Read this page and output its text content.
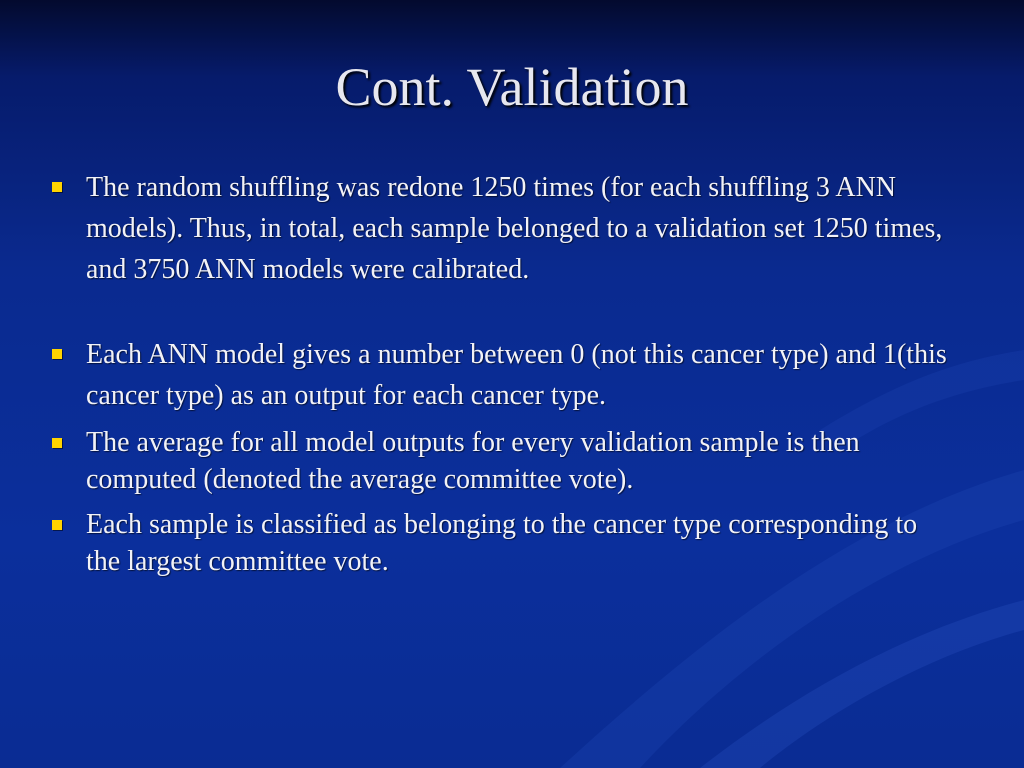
Cont. Validation
The random shuffling was redone 1250 times (for each shuffling 3 ANN models). Thus, in total, each sample belonged to a validation set 1250 times, and 3750 ANN models were calibrated.
Each ANN model gives a number between 0 (not this cancer type) and 1(this cancer type) as an output for each cancer type.
The average for all model outputs for every validation sample is then computed (denoted the average committee vote).
Each sample is classified as belonging to the cancer type corresponding to the largest committee vote.
